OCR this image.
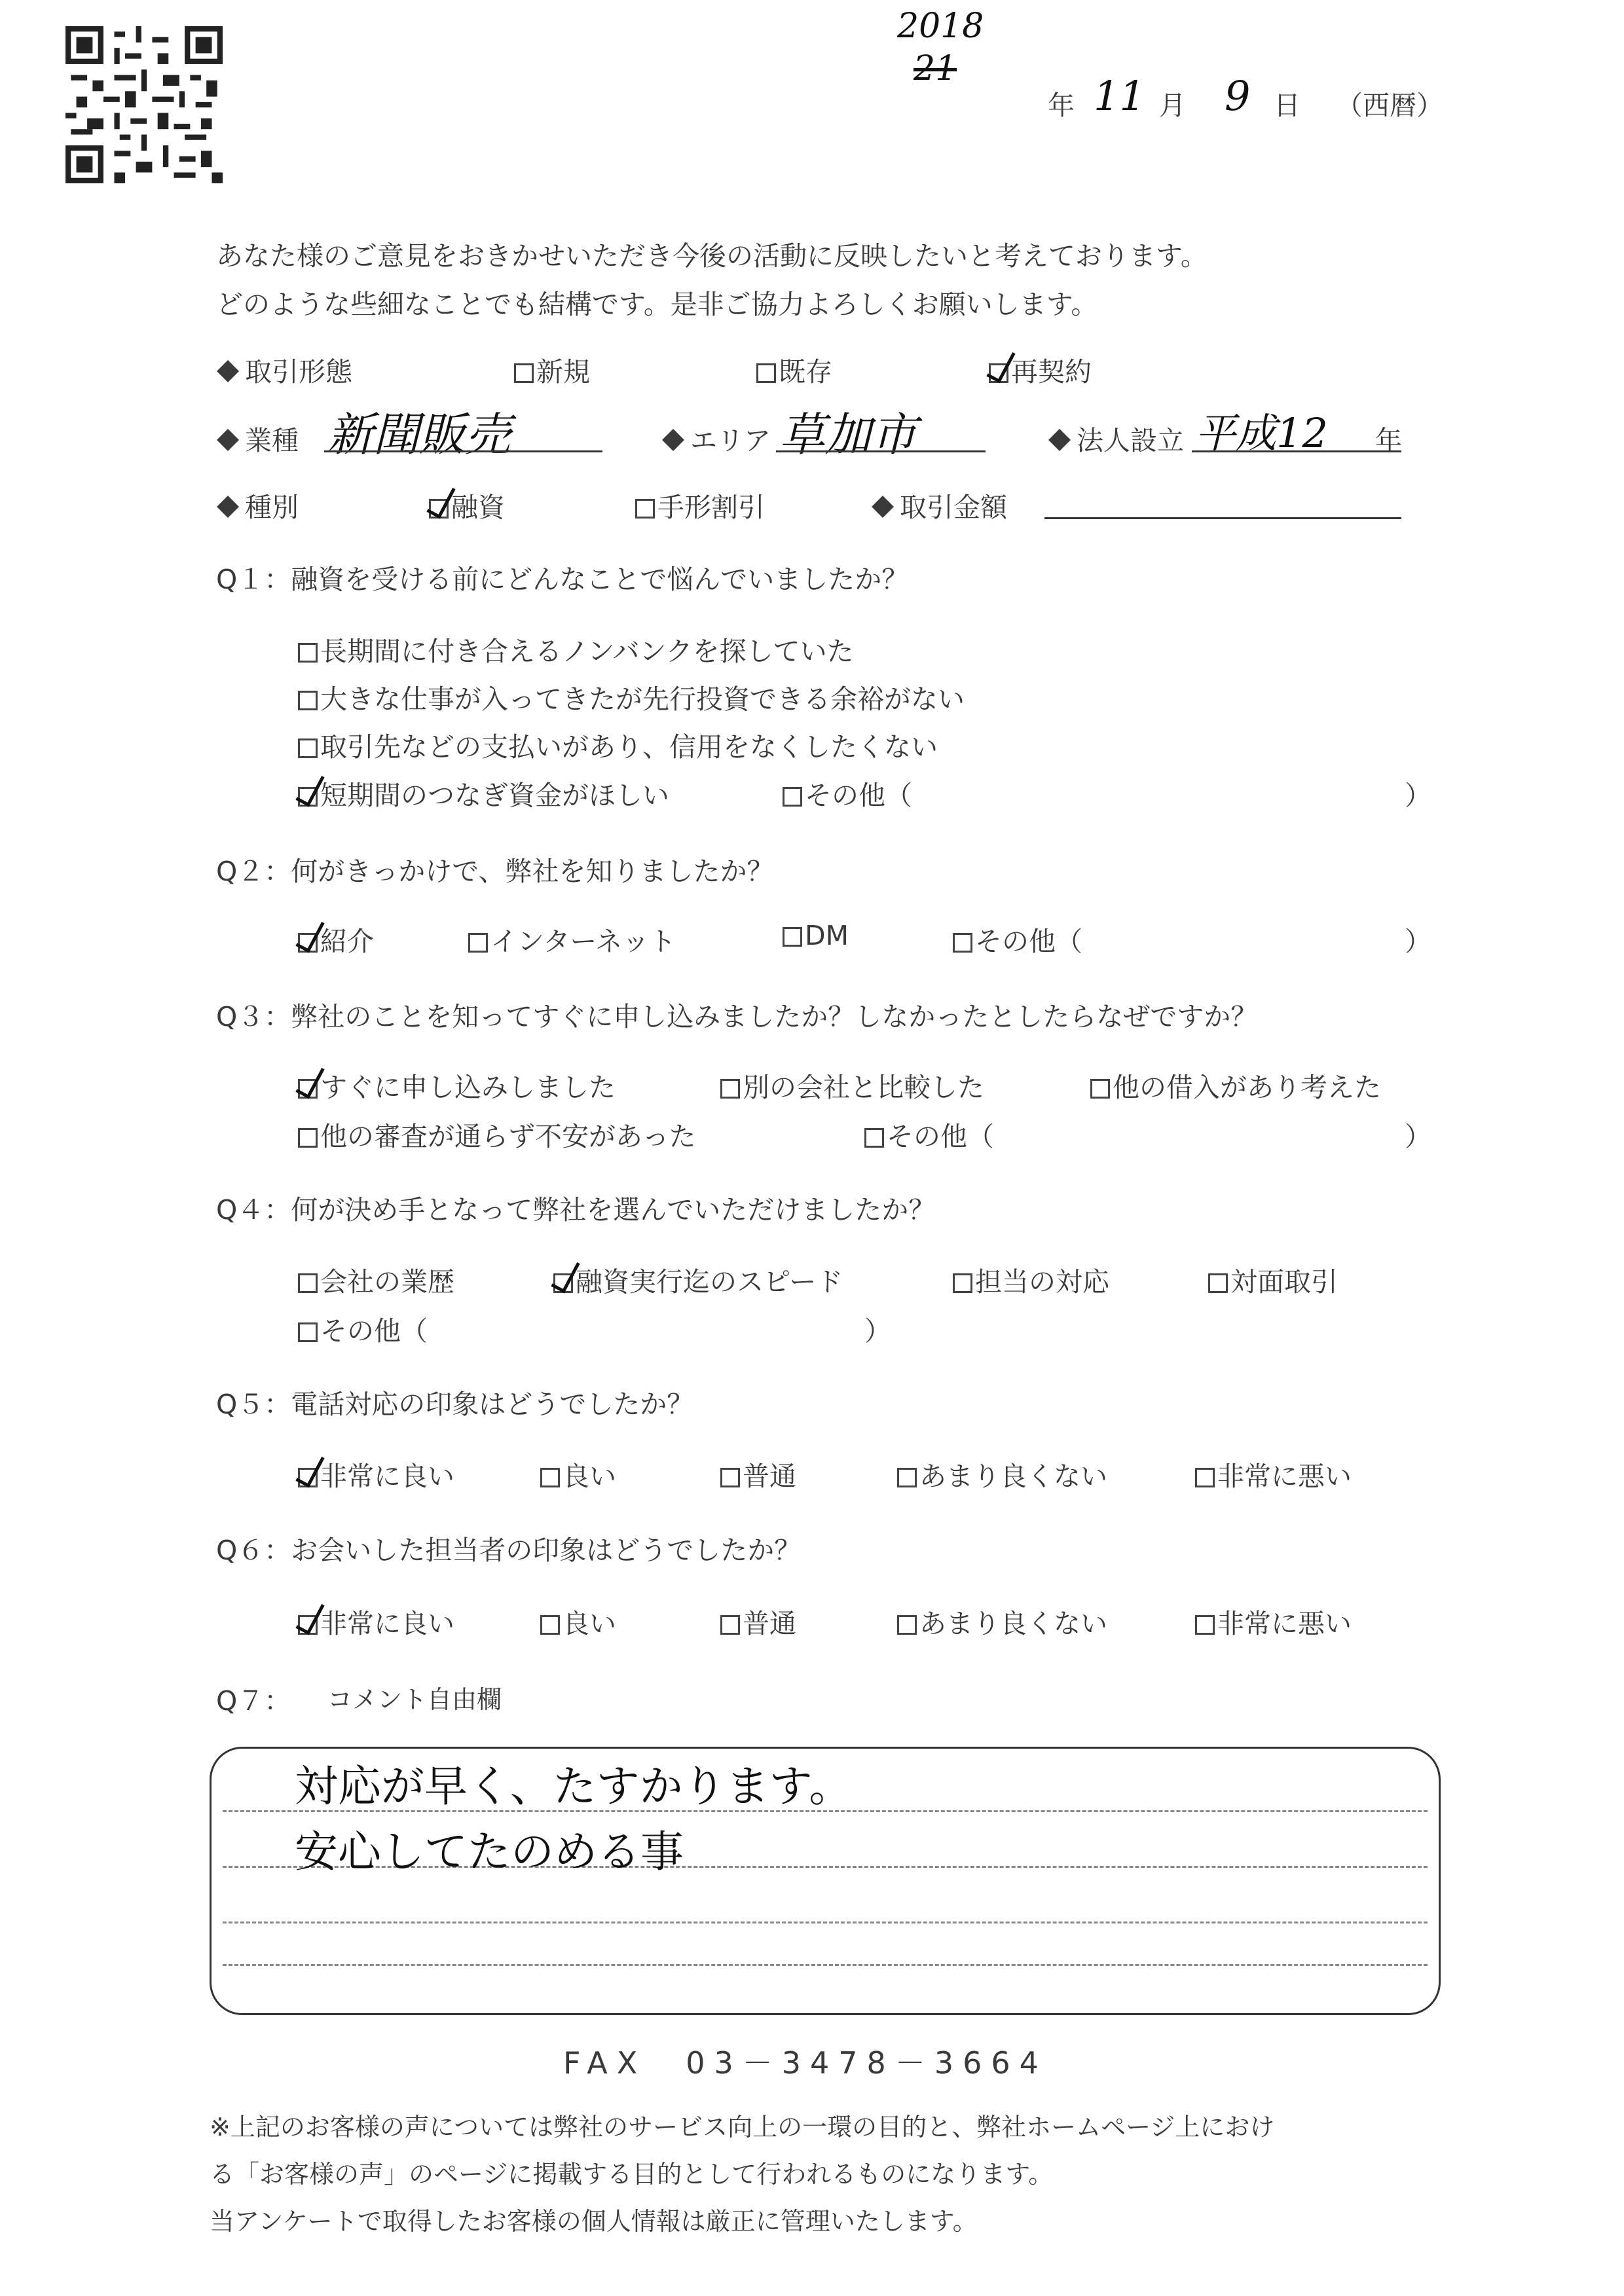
2018
21
年 11 月 9 日 （西暦）
あなた様のご意見をおきかせいただき今後の活動に反映したいと考えております。
どのような些細なことでも結構です。是非ご協力よろしくお願いします。
取引形態	新規	既存	再契約
業種 新聞販売	エリア 草加市	法人設立 平成12 年
種別	融資	手形割引	取引金額
Q１：融資を受ける前にどんなことで悩んでいましたか？
長期間に付き合えるノンバンクを探していた
大きな仕事が入ってきたが先行投資できる余裕がない
取引先などの支払いがあり、信用をなくしたくない
短期間のつなぎ資金がほしい	その他（	）
Q２：何がきっかけで、弊社を知りましたか？
紹介	インターネット	DM	その他（	）
Q３：弊社のことを知ってすぐに申し込みましたか？しなかったとしたらなぜですか？
すぐに申し込みしました	別の会社と比較した	他の借入があり考えた
他の審査が通らず不安があった	その他（	）
Q４：何が決め手となって弊社を選んでいただけましたか？
会社の業歴	融資実行迄のスピード	担当の対応	対面取引
その他（	）
Q５：電話対応の印象はどうでしたか？
非常に良い	良い	普通	あまり良くない	非常に悪い
Q６：お会いした担当者の印象はどうでしたか？
非常に良い	良い	普通	あまり良くない	非常に悪い
Q７： コメント自由欄
対応が早く、たすかります。
安心してたのめる事
FAX　03－3478－3664
※上記のお客様の声については弊社のサービス向上の一環の目的と、弊社ホームページ上におけ
る「お客様の声」のページに掲載する目的として行われるものになります。
当アンケートで取得したお客様の個人情報は厳正に管理いたします。
